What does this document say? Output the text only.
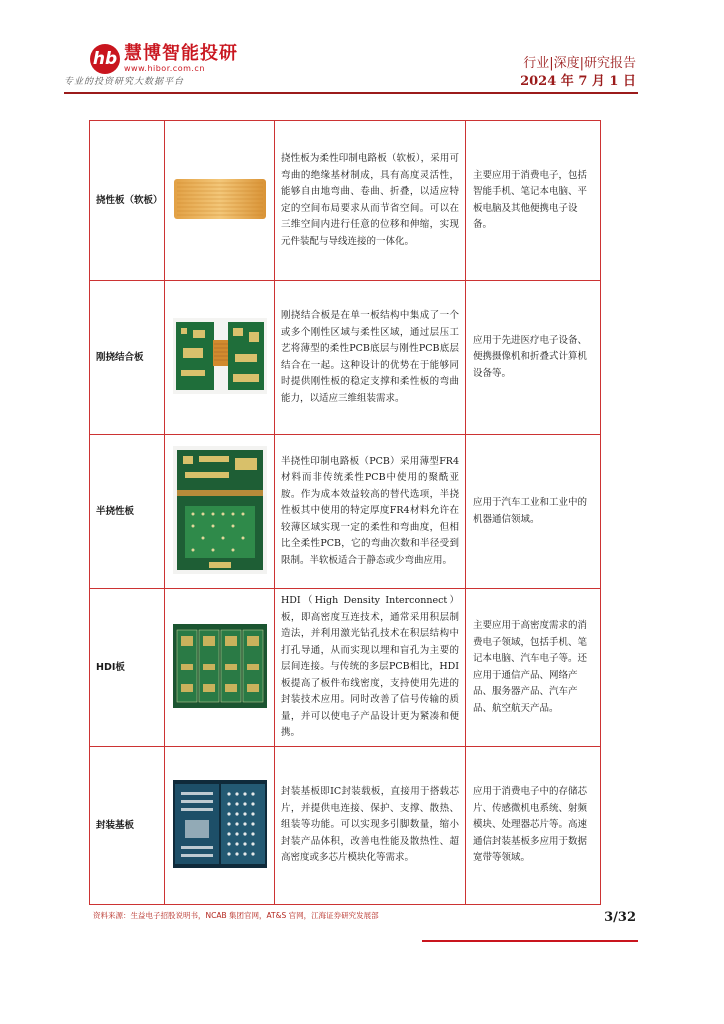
hb 慧博智能投研
www.hibor.com.cn
专业的投资研究大数据平台
行业|深度|研究报告
2024 年 7 月 1 日
挠性板（软板）		挠性板为柔性印制电路板（软板），采用可弯曲的绝缘基材制成，具有高度灵活性，能够自由地弯曲、卷曲、折叠，以适应特定的空间布局要求从而节省空间。可以在三维空间内进行任意的位移和伸缩，实现元件装配与导线连接的一体化。	主要应用于消费电子，包括智能手机、笔记本电脑、平板电脑及其他便携电子设备。
刚挠结合板		刚挠结合板是在单一板结构中集成了一个或多个刚性区域与柔性区域，通过层压工艺将薄型的柔性PCB底层与刚性PCB底层结合在一起。这种设计的优势在于能够同时提供刚性板的稳定支撑和柔性板的弯曲能力，以适应三维组装需求。	应用于先进医疗电子设备、便携摄像机和折叠式计算机设备等。
半挠性板		半挠性印制电路板（PCB）采用薄型FR4材料而非传统柔性PCB中使用的聚酰亚胺。作为成本效益较高的替代选项，半挠性板其中使用的特定厚度FR4材料允许在较薄区域实现一定的柔性和弯曲度，但相比全柔性PCB，它的弯曲次数和半径受到限制。半软板适合于静态或少弯曲应用。	应用于汽车工业和工业中的机器通信领域。
HDI板		HDI（High Density Interconnect）板，即高密度互连技术，通常采用积层制造法，并利用激光钻孔技术在积层结构中打孔导通，从而实现以埋和盲孔为主要的层间连接。与传统的多层PCB相比，HDI板提高了板件布线密度，支持使用先进的封装技术应用。同时改善了信号传输的质量，并可以使电子产品设计更为紧凑和便携。	主要应用于高密度需求的消费电子领域，包括手机、笔记本电脑、汽车电子等。还应用于通信产品、网络产品、服务器产品、汽车产品、航空航天产品。
封装基板		封装基板即IC封装载板，直接用于搭载芯片，并提供电连接、保护、支撑、散热、组装等功能。可以实现多引脚数量，缩小封装产品体积，改善电性能及散热性、超高密度或多芯片模块化等需求。	应用于消费电子中的存储芯片、传感微机电系统、射频模块、处理器芯片等。高速通信封装基板多应用于数据宽带等领域。
资料来源：生益电子招股说明书，NCAB 集团官网，AT&S 官网，江海证券研究发展部	3/32
